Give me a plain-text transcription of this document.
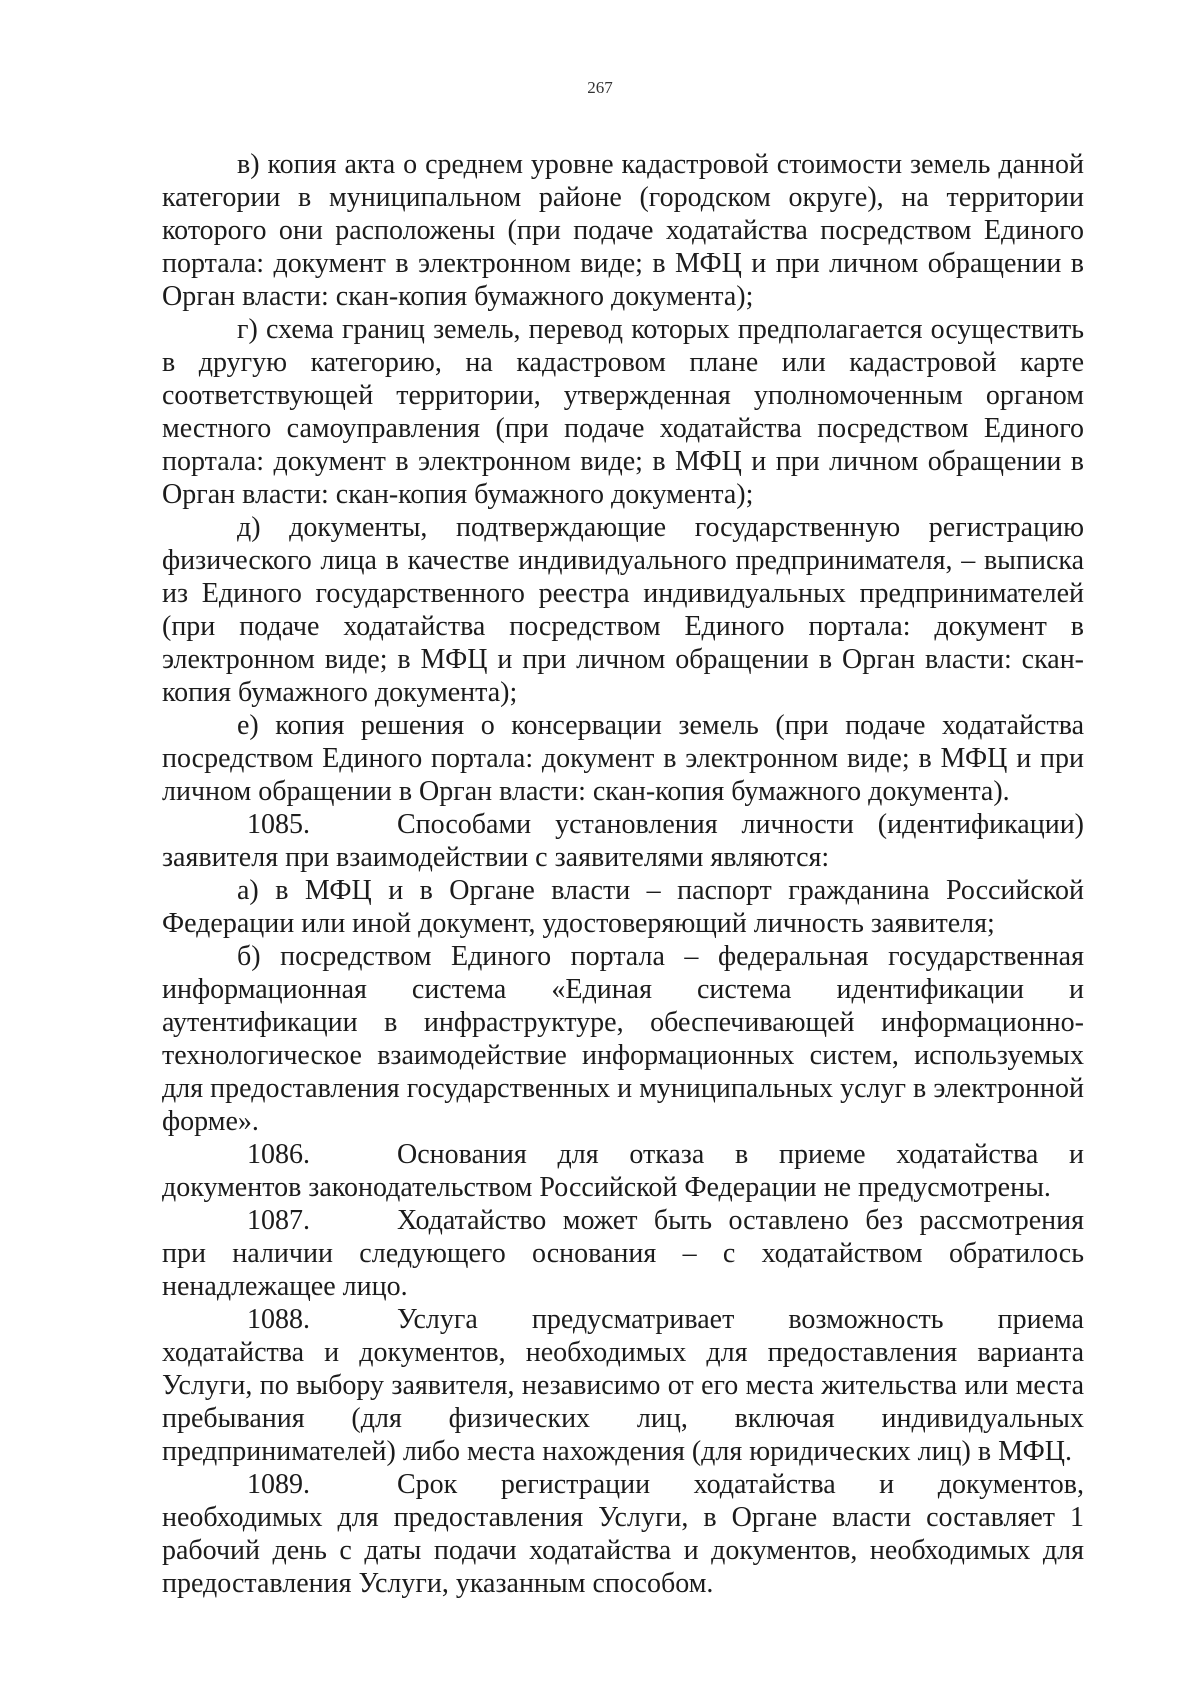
267

в) копия акта о среднем уровне кадастровой стоимости земель данной категории в муниципальном районе (городском округе), на территории которого они расположены (при подаче ходатайства посредством Единого портала: документ в электронном виде; в МФЦ и при личном обращении в Орган власти: скан-копия бумажного документа);

г) схема границ земель, перевод которых предполагается осуществить в другую категорию, на кадастровом плане или кадастровой карте соответствующей территории, утвержденная уполномоченным органом местного самоуправления (при подаче ходатайства посредством Единого портала: документ в электронном виде; в МФЦ и при личном обращении в Орган власти: скан-копия бумажного документа);

д) документы, подтверждающие государственную регистрацию физического лица в качестве индивидуального предпринимателя, – выписка из Единого государственного реестра индивидуальных предпринимателей (при подаче ходатайства посредством Единого портала: документ в электронном виде; в МФЦ и при личном обращении в Орган власти: скан-копия бумажного документа);

е) копия решения о консервации земель (при подаче ходатайства посредством Единого портала: документ в электронном виде; в МФЦ и при личном обращении в Орган власти: скан-копия бумажного документа).

1085.	Способами установления личности (идентификации) заявителя при взаимодействии с заявителями являются:

а) в МФЦ и в Органе власти – паспорт гражданина Российской Федерации или иной документ, удостоверяющий личность заявителя;

б) посредством Единого портала – федеральная государственная информационная система «Единая система идентификации и аутентификации в инфраструктуре, обеспечивающей информационно-технологическое взаимодействие информационных систем, используемых для предоставления государственных и муниципальных услуг в электронной форме».

1086.	Основания для отказа в приеме ходатайства и документов законодательством Российской Федерации не предусмотрены.

1087.	Ходатайство может быть оставлено без рассмотрения при наличии следующего основания – с ходатайством обратилось ненадлежащее лицо.

1088.	Услуга предусматривает возможность приема ходатайства и документов, необходимых для предоставления варианта Услуги, по выбору заявителя, независимо от его места жительства или места пребывания (для физических лиц, включая индивидуальных предпринимателей) либо места нахождения (для юридических лиц) в МФЦ.

1089.	Срок регистрации ходатайства и документов, необходимых для предоставления Услуги, в Органе власти составляет 1 рабочий день с даты подачи ходатайства и документов, необходимых для предоставления Услуги, указанным способом.
